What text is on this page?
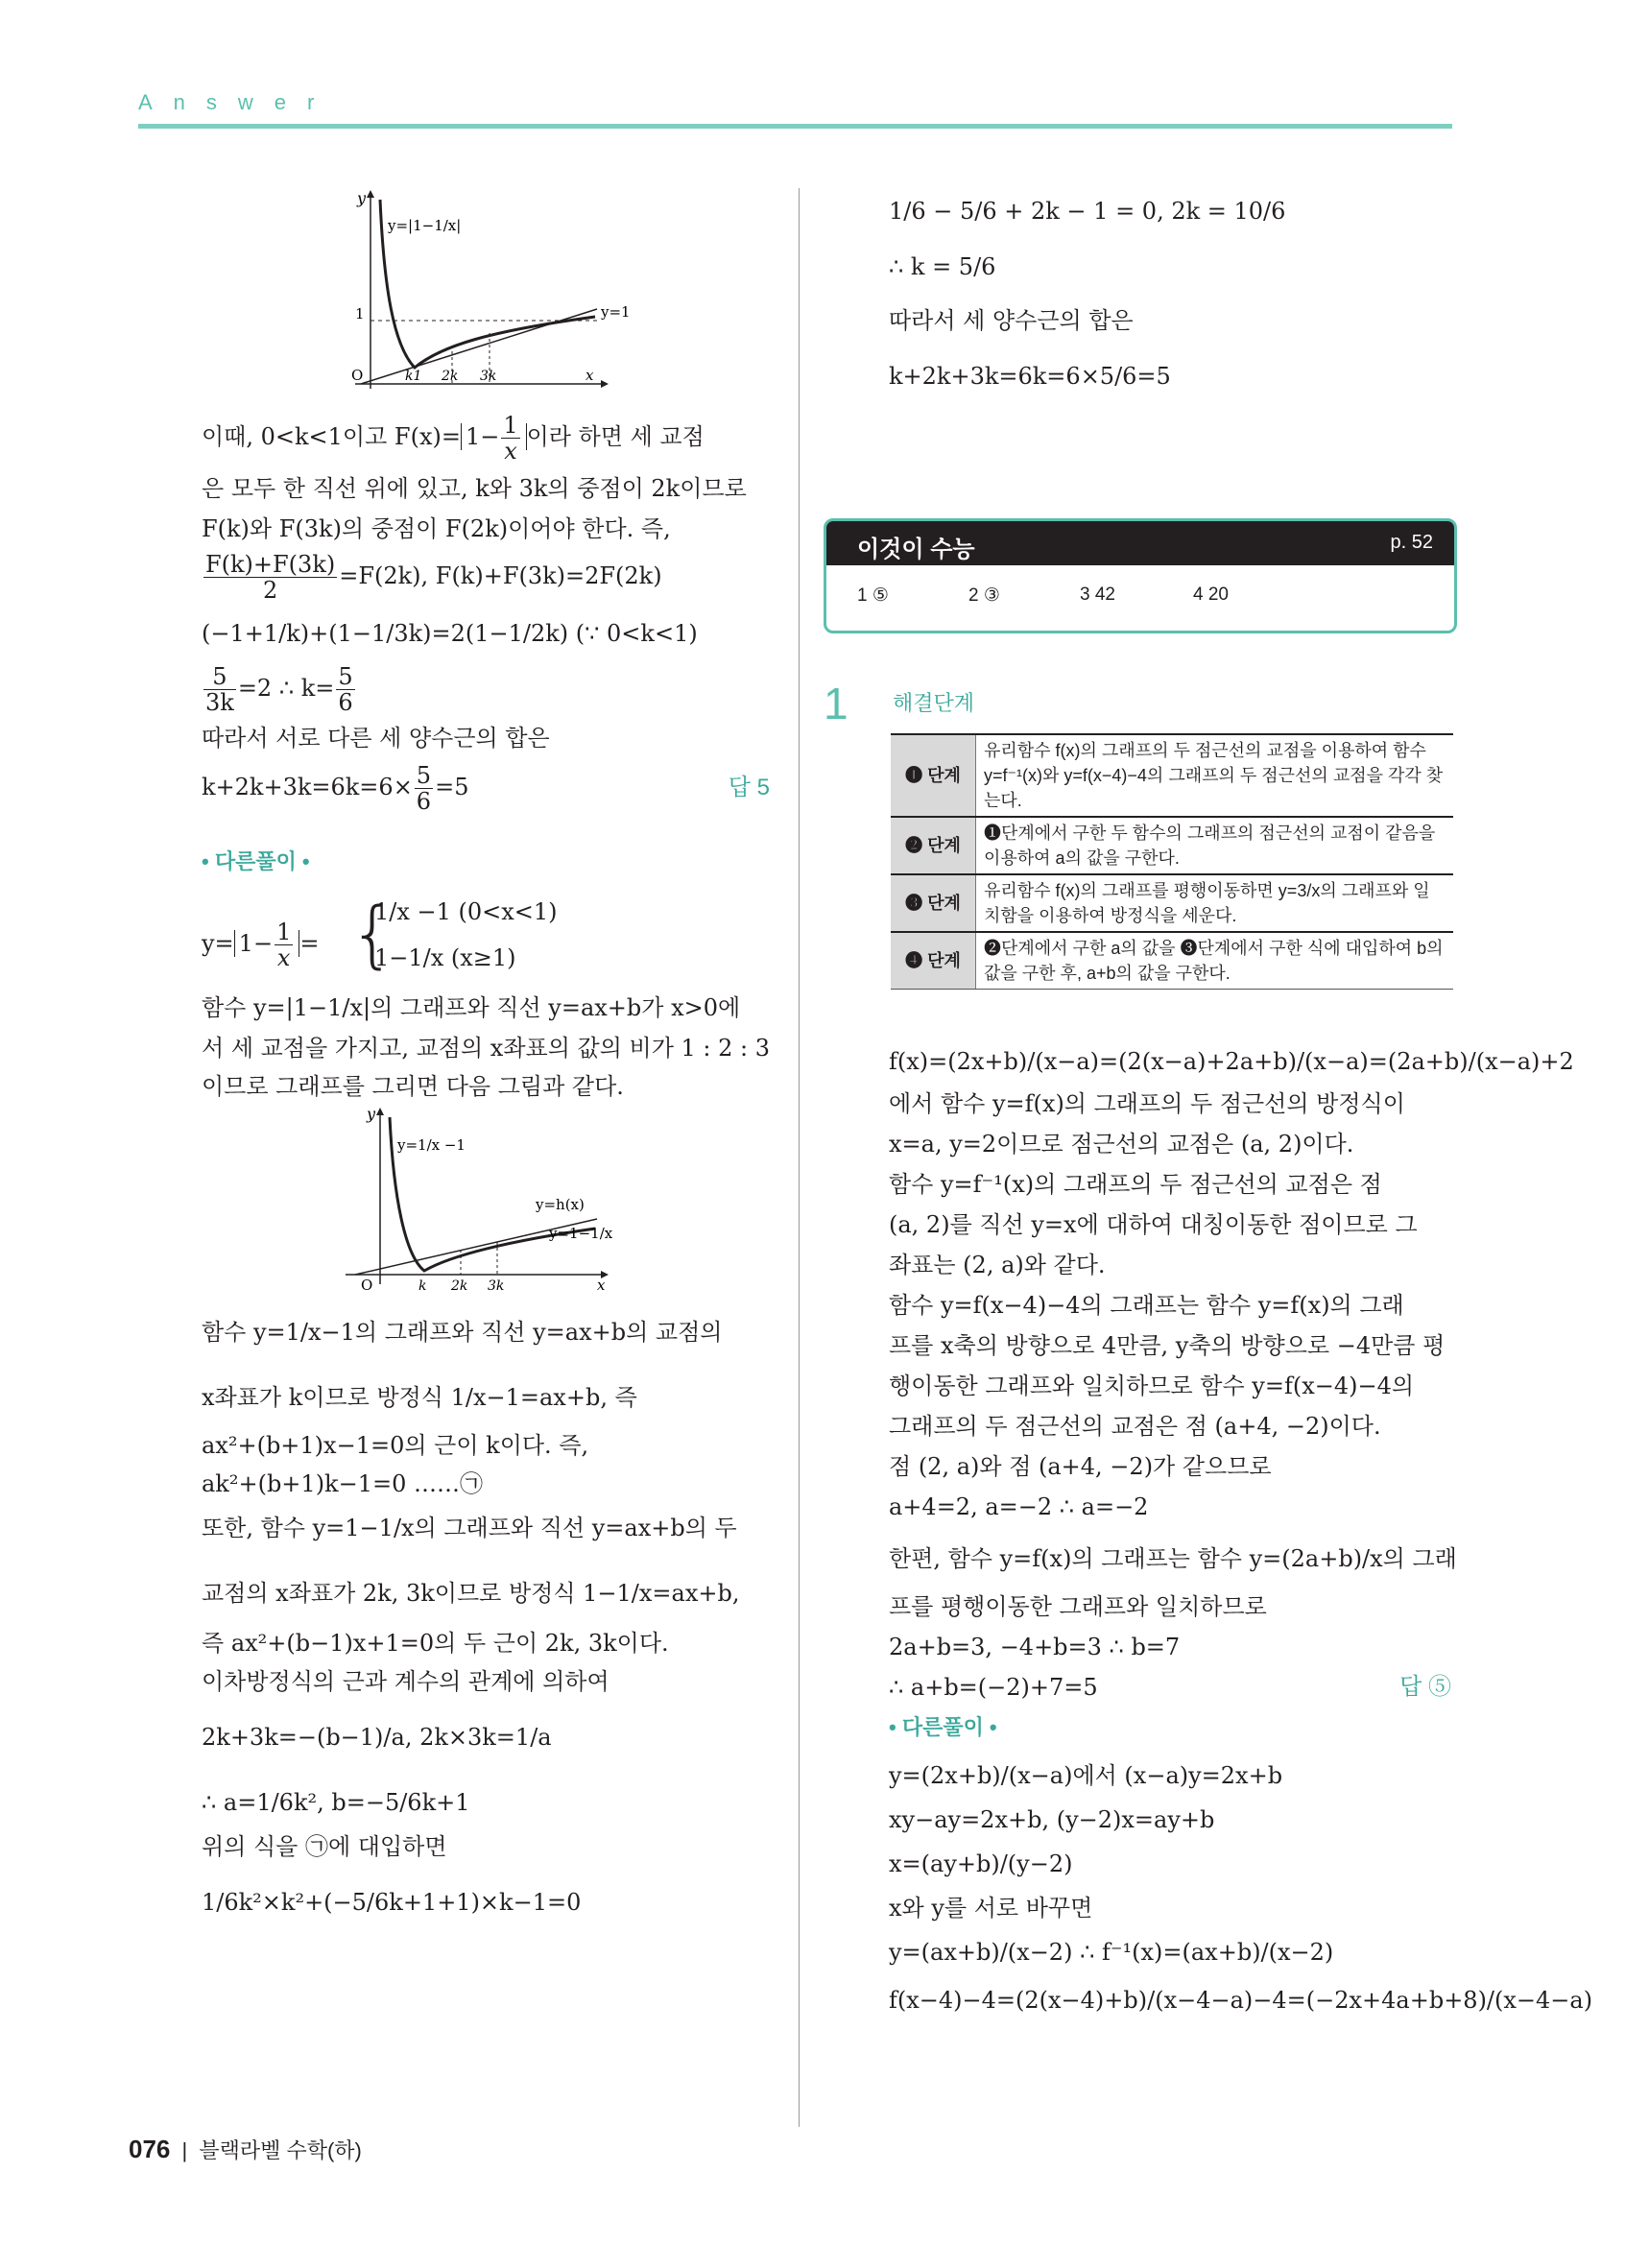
Answer
y
y=|1−1/x|
1	y=1
O	k1 2k 3k	x
이때, 0<k<1이고 $F(x)= 1- \frac{1}{x}$ 이라 하면 세 교점
은 모두 한 직선 위에 있고, k와 3k의 중점이 2k이므로
F(k)와 F(3k)의 중점이 F(2k)이어야 한다. 즉,
$\frac{F(k)+F(3k)}{2} =F(2k)$, F(k)+F(3k)=2F(2k)
(−1+1/k)+(1−1/3k)=2(1−1/2k) (∵ 0<k<1)
$\frac{5}{3k} =2$ ∴ $k= \frac{5}{6}$
따라서 서로 다른 세 양수근의 합은
$k+2k+3k=6k=6\times \frac{5}{6} =5$	답 5
• 다른풀이 •
$y= 1- \frac{1}{x}$ = {
1/x −1 (0<x<1)
1−1/x (x≥1)
함수 y=|1−1/x|의 그래프와 직선 y=ax+b가 x>0에
서 세 교점을 가지고, 교점의 x좌표의 값의 비가 1 : 2 : 3
이므로 그래프를 그리면 다음 그림과 같다.
y
y=1/x −1
y=h(x)
y=1−1/x
O	k 2k 3k	x
함수 y=1/x−1의 그래프와 직선 y=ax+b의 교점의
x좌표가 k이므로 방정식 1/x−1=ax+b, 즉
ax²+(b+1)x−1=0의 근이 k이다. 즉,
ak²+(b+1)k−1=0 ……㉠
또한, 함수 y=1−1/x의 그래프와 직선 y=ax+b의 두
교점의 x좌표가 2k, 3k이므로 방정식 1−1/x=ax+b,
즉 ax²+(b−1)x+1=0의 두 근이 2k, 3k이다.
이차방정식의 근과 계수의 관계에 의하여
2k+3k=−(b−1)/a, 2k×3k=1/a
∴ a=1/6k², b=−5/6k+1
위의 식을 ㉠에 대입하면
1/6k²×k²+(−5/6k+1+1)×k−1=0
1/6 − 5/6 + 2k − 1 = 0, 2k = 10/6
∴ k = 5/6
따라서 세 양수근의 합은
k+2k+3k=6k=6×5/6=5
이것이 수능	p. 52
1 ⑤	2 ③	3 42	4 20
1 해결단계
❶ 단계	유리함수 f(x)의 그래프의 두 점근선의 교점을 이용하여 함수 y=f⁻¹(x)와 y=f(x−4)−4의 그래프의 두 점근선의 교점을 각각 찾는다.
❷ 단계	❶단계에서 구한 두 함수의 그래프의 점근선의 교점이 같음을 이용하여 a의 값을 구한다.
❸ 단계	유리함수 f(x)의 그래프를 평행이동하면 y=3/x의 그래프와 일치함을 이용하여 방정식을 세운다.
❹ 단계	❷단계에서 구한 a의 값을 ❸단계에서 구한 식에 대입하여 b의 값을 구한 후, a+b의 값을 구한다.
f(x)=(2x+b)/(x−a)=(2(x−a)+2a+b)/(x−a)=(2a+b)/(x−a)+2
에서 함수 y=f(x)의 그래프의 두 점근선의 방정식이
x=a, y=2이므로 점근선의 교점은 (a, 2)이다.
함수 y=f⁻¹(x)의 그래프의 두 점근선의 교점은 점
(a, 2)를 직선 y=x에 대하여 대칭이동한 점이므로 그
좌표는 (2, a)와 같다.
함수 y=f(x−4)−4의 그래프는 함수 y=f(x)의 그래
프를 x축의 방향으로 4만큼, y축의 방향으로 −4만큼 평
행이동한 그래프와 일치하므로 함수 y=f(x−4)−4의
그래프의 두 점근선의 교점은 점 (a+4, −2)이다.
점 (2, a)와 점 (a+4, −2)가 같으므로
a+4=2, a=−2 ∴ a=−2
한편, 함수 y=f(x)의 그래프는 함수 y=(2a+b)/x의 그래
프를 평행이동한 그래프와 일치하므로
2a+b=3, −4+b=3 ∴ b=7
∴ a+b=(−2)+7=5	답 ⑤
• 다른풀이 •
y=(2x+b)/(x−a)에서 (x−a)y=2x+b
xy−ay=2x+b, (y−2)x=ay+b
x=(ay+b)/(y−2)
x와 y를 서로 바꾸면
y=(ax+b)/(x−2) ∴ f⁻¹(x)=(ax+b)/(x−2)
f(x−4)−4=(2(x−4)+b)/(x−4−a)−4=(−2x+4a+b+8)/(x−4−a)
076 | 블랙라벨 수학(하)
